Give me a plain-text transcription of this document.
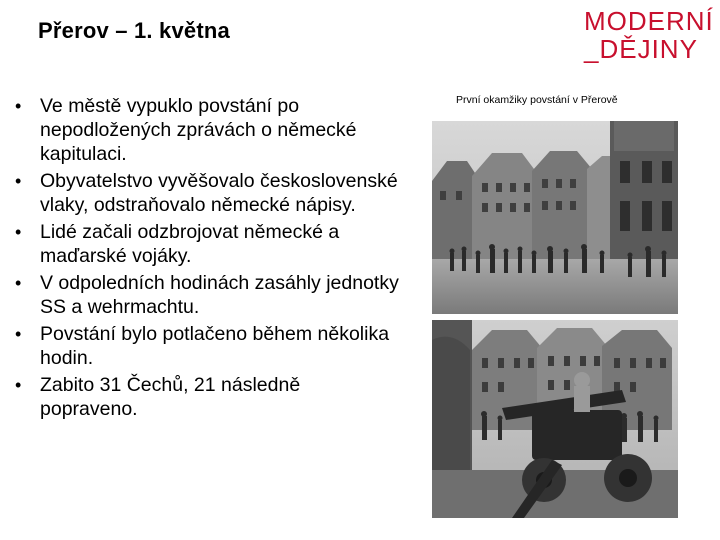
Přerov – 1. května	MODERNÍ
_DĚJINY
• Ve městě vypuklo povstání po nepodložených zprávách o německé kapitulaci.
• Obyvatelstvo vyvěšovalo československé vlaky, odstraňovalo německé nápisy.
• Lidé začali odzbrojovat německé a maďarské vojáky.
• V odpoledních hodinách zasáhly jednotky SS a wehrmachtu.
• Povstání bylo potlačeno během několika hodin.
• Zabito 31 Čechů, 21 následně popraveno.
První okamžiky povstání v Přerově
